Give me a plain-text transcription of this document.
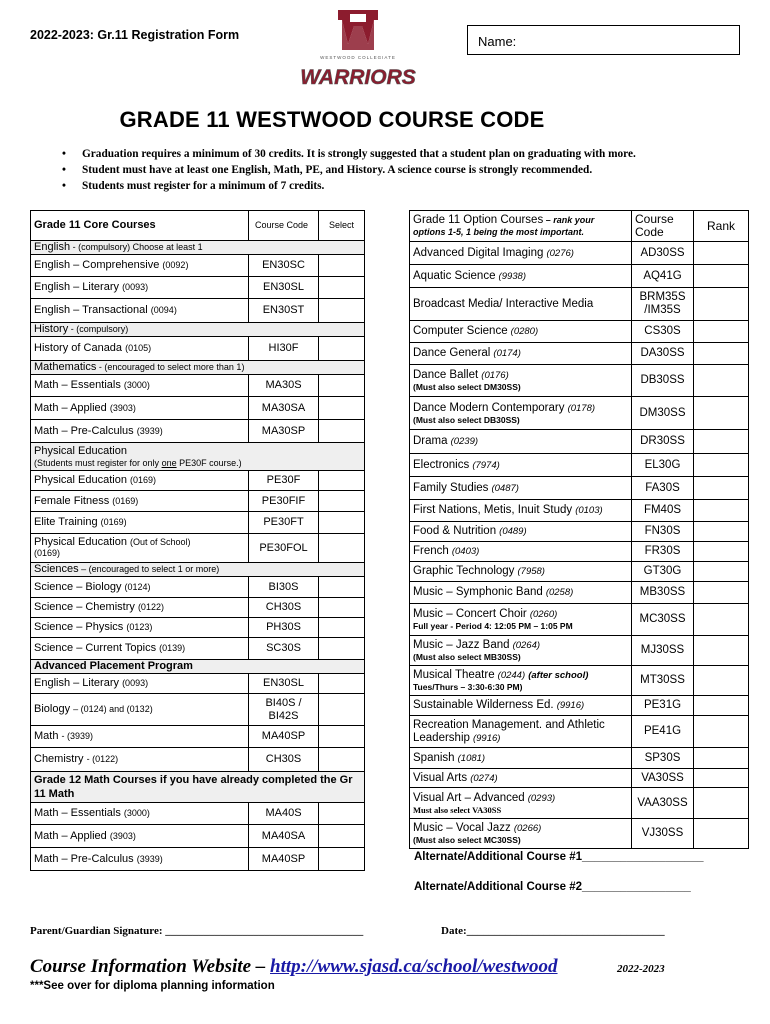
2022-2023: Gr.11 Registration Form
WESTWOOD COLLEGIATE
WARRIORS
Name:
GRADE 11 WESTWOOD COURSE CODE
• Graduation requires a minimum of 30 credits. It is strongly suggested that a student plan on graduating with more.
• Student must have at least one English, Math, PE, and History. A science course is strongly recommended.
• Students must register for a minimum of 7 credits.
Grade 11 Core Courses	Course Code	Select
English - (compulsory) Choose at least 1		
English – Comprehensive (0092)	EN30SC	
English – Literary (0093)	EN30SL	
English – Transactional (0094)	EN30ST	
History - (compulsory)		
History of Canada (0105)	HI30F	
Mathematics - (encouraged to select more than 1)		
Math – Essentials (3000)	MA30S	
Math – Applied (3903)	MA30SA	
Math – Pre-Calculus (3939)	MA30SP	
Physical Education
(Students must register for only one PE30F course.)		
Physical Education (0169)	PE30F	
Female Fitness (0169)	PE30FIF	
Elite Training (0169)	PE30FT	
Physical Education (Out of School)
(0169)	PE30FOL	
Sciences – (encouraged to select 1 or more)		
Science – Biology (0124)	BI30S	
Science – Chemistry (0122)	CH30S	
Science – Physics (0123)	PH30S	
Science – Current Topics (0139)	SC30S	
Advanced Placement Program		
English – Literary (0093)	EN30SL	
Biology – (0124) and (0132)	BI40S / BI42S	
Math - (3939)	MA40SP	
Chemistry - (0122)	CH30S	
Grade 12 Math Courses if you have already completed the Gr 11 Math		
Math – Essentials (3000)	MA40S	
Math – Applied (3903)	MA40SA	
Math – Pre-Calculus (3939)	MA40SP	
Grade 11 Option Courses – rank your options 1-5, 1 being the most important.	Course Code	Rank
Advanced Digital Imaging (0276)	AD30SS	
Aquatic Science (9938)	AQ41G	
Broadcast Media/ Interactive Media	BRM35S /IM35S	
Computer Science (0280)	CS30S	
Dance General (0174)	DA30SS	
Dance Ballet (0176)
(Must also select DM30SS)	DB30SS	
Dance Modern Contemporary (0178)
(Must also select DB30SS)	DM30SS	
Drama (0239)	DR30SS	
Electronics (7974)	EL30G	
Family Studies (0487)	FA30S	
First Nations, Metis, Inuit Study (0103)	FM40S	
Food & Nutrition (0489)	FN30S	
French (0403)	FR30S	
Graphic Technology (7958)	GT30G	
Music – Symphonic Band (0258)	MB30SS	
Music – Concert Choir (0260)
Full year - Period 4: 12:05 PM – 1:05 PM	MC30SS	
Music – Jazz Band (0264)
(Must also select MB30SS)	MJ30SS	
Musical Theatre (0244) (after school)
Tues/Thurs – 3:30-6:30 PM)	MT30SS	
Sustainable Wilderness Ed. (9916)	PE31G	
Recreation Management. and Athletic Leadership (9916)	PE41G	
Spanish (1081)	SP30S	
Visual Arts (0274)	VA30SS	
Visual Art – Advanced (0293)
Must also select VA30SS	VAA30SS	
Music – Vocal Jazz (0266)
(Must also select MC30SS)	VJ30SS	
Alternate/Additional Course #1___________________
Alternate/Additional Course #2_________________
Parent/Guardian Signature: ____________________________________	Date:____________________________________
Course Information Website – http://www.sjasd.ca/school/westwood	2022-2023
***See over for diploma planning information
